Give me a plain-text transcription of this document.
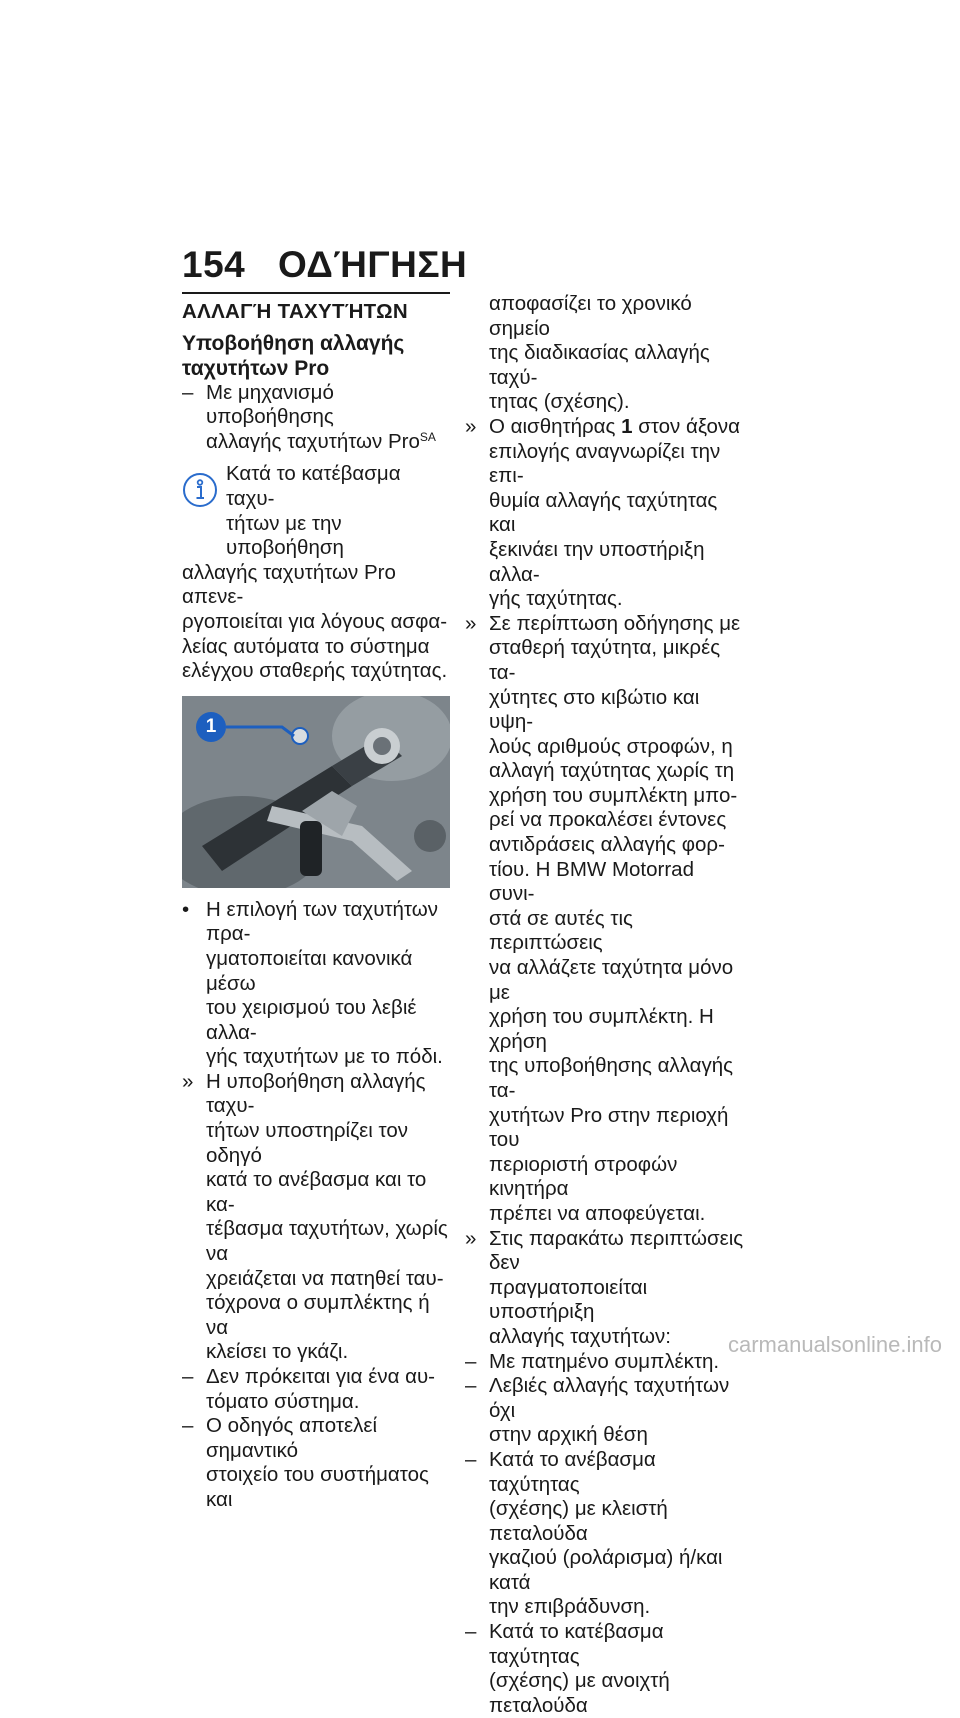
154 ΟΔΉΓΗΣΗ
ΑΛΛΑΓΉ ΤΑΧΥΤΉΤΩΝ
Υποβοήθηση αλλαγής
ταχυτήτων Pro
– Με μηχανισμό υποβοήθησης
αλλαγής ταχυτήτων Pro$^{SA}$
Κατά το κατέβασμα ταχυ-
τήτων με την υποβοήθηση
αλλαγής ταχυτήτων Pro απενε-
ργοποιείται για λόγους ασφα-
λείας αυτόματα το σύστημα
ελέγχου σταθερής ταχύτητας.
1
• Η επιλογή των ταχυτήτων πρα-
γματοποιείται κανονικά μέσω
του χειρισμού του λεβιέ αλλα-
γής ταχυτήτων με το πόδι.
» Η υποβοήθηση αλλαγής ταχυ-
τήτων υποστηρίζει τον οδηγό
κατά το ανέβασμα και το κα-
τέβασμα ταχυτήτων, χωρίς να
χρειάζεται να πατηθεί ταυ-
τόχρονα ο συμπλέκτης ή να
κλείσει το γκάζι.
– Δεν πρόκειται για ένα αυ-
τόματο σύστημα.
– Ο οδηγός αποτελεί σημαντικό
στοιχείο του συστήματος και
αποφασίζει το χρονικό σημείο
της διαδικασίας αλλαγής ταχύ-
τητας (σχέσης).
» Ο αισθητήρας 1 στον άξονα
επιλογής αναγνωρίζει την επι-
θυμία αλλαγής ταχύτητας και
ξεκινάει την υποστήριξη αλλα-
γής ταχύτητας.
» Σε περίπτωση οδήγησης με
σταθερή ταχύτητα, μικρές τα-
χύτητες στο κιβώτιο και υψη-
λούς αριθμούς στροφών, η
αλλαγή ταχύτητας χωρίς τη
χρήση του συμπλέκτη μπο-
ρεί να προκαλέσει έντονες
αντιδράσεις αλλαγής φορ-
τίου. Η BMW Motorrad συνι-
στά σε αυτές τις περιπτώσεις
να αλλάζετε ταχύτητα μόνο με
χρήση του συμπλέκτη. Η χρήση
της υποβοήθησης αλλαγής τα-
χυτήτων Pro στην περιοχή του
περιοριστή στροφών κινητήρα
πρέπει να αποφεύγεται.
» Στις παρακάτω περιπτώσεις δεν
πραγματοποιείται υποστήριξη
αλλαγής ταχυτήτων:
– Με πατημένο συμπλέκτη.
– Λεβιές αλλαγής ταχυτήτων όχι
στην αρχική θέση
– Κατά το ανέβασμα ταχύτητας
(σχέσης) με κλειστή πεταλούδα
γκαζιού (ρολάρισμα) ή/και κατά
την επιβράδυνση.
– Κατά το κατέβασμα ταχύτητας
(σχέσης) με ανοιχτή πεταλούδα
carmanualsonline.info
